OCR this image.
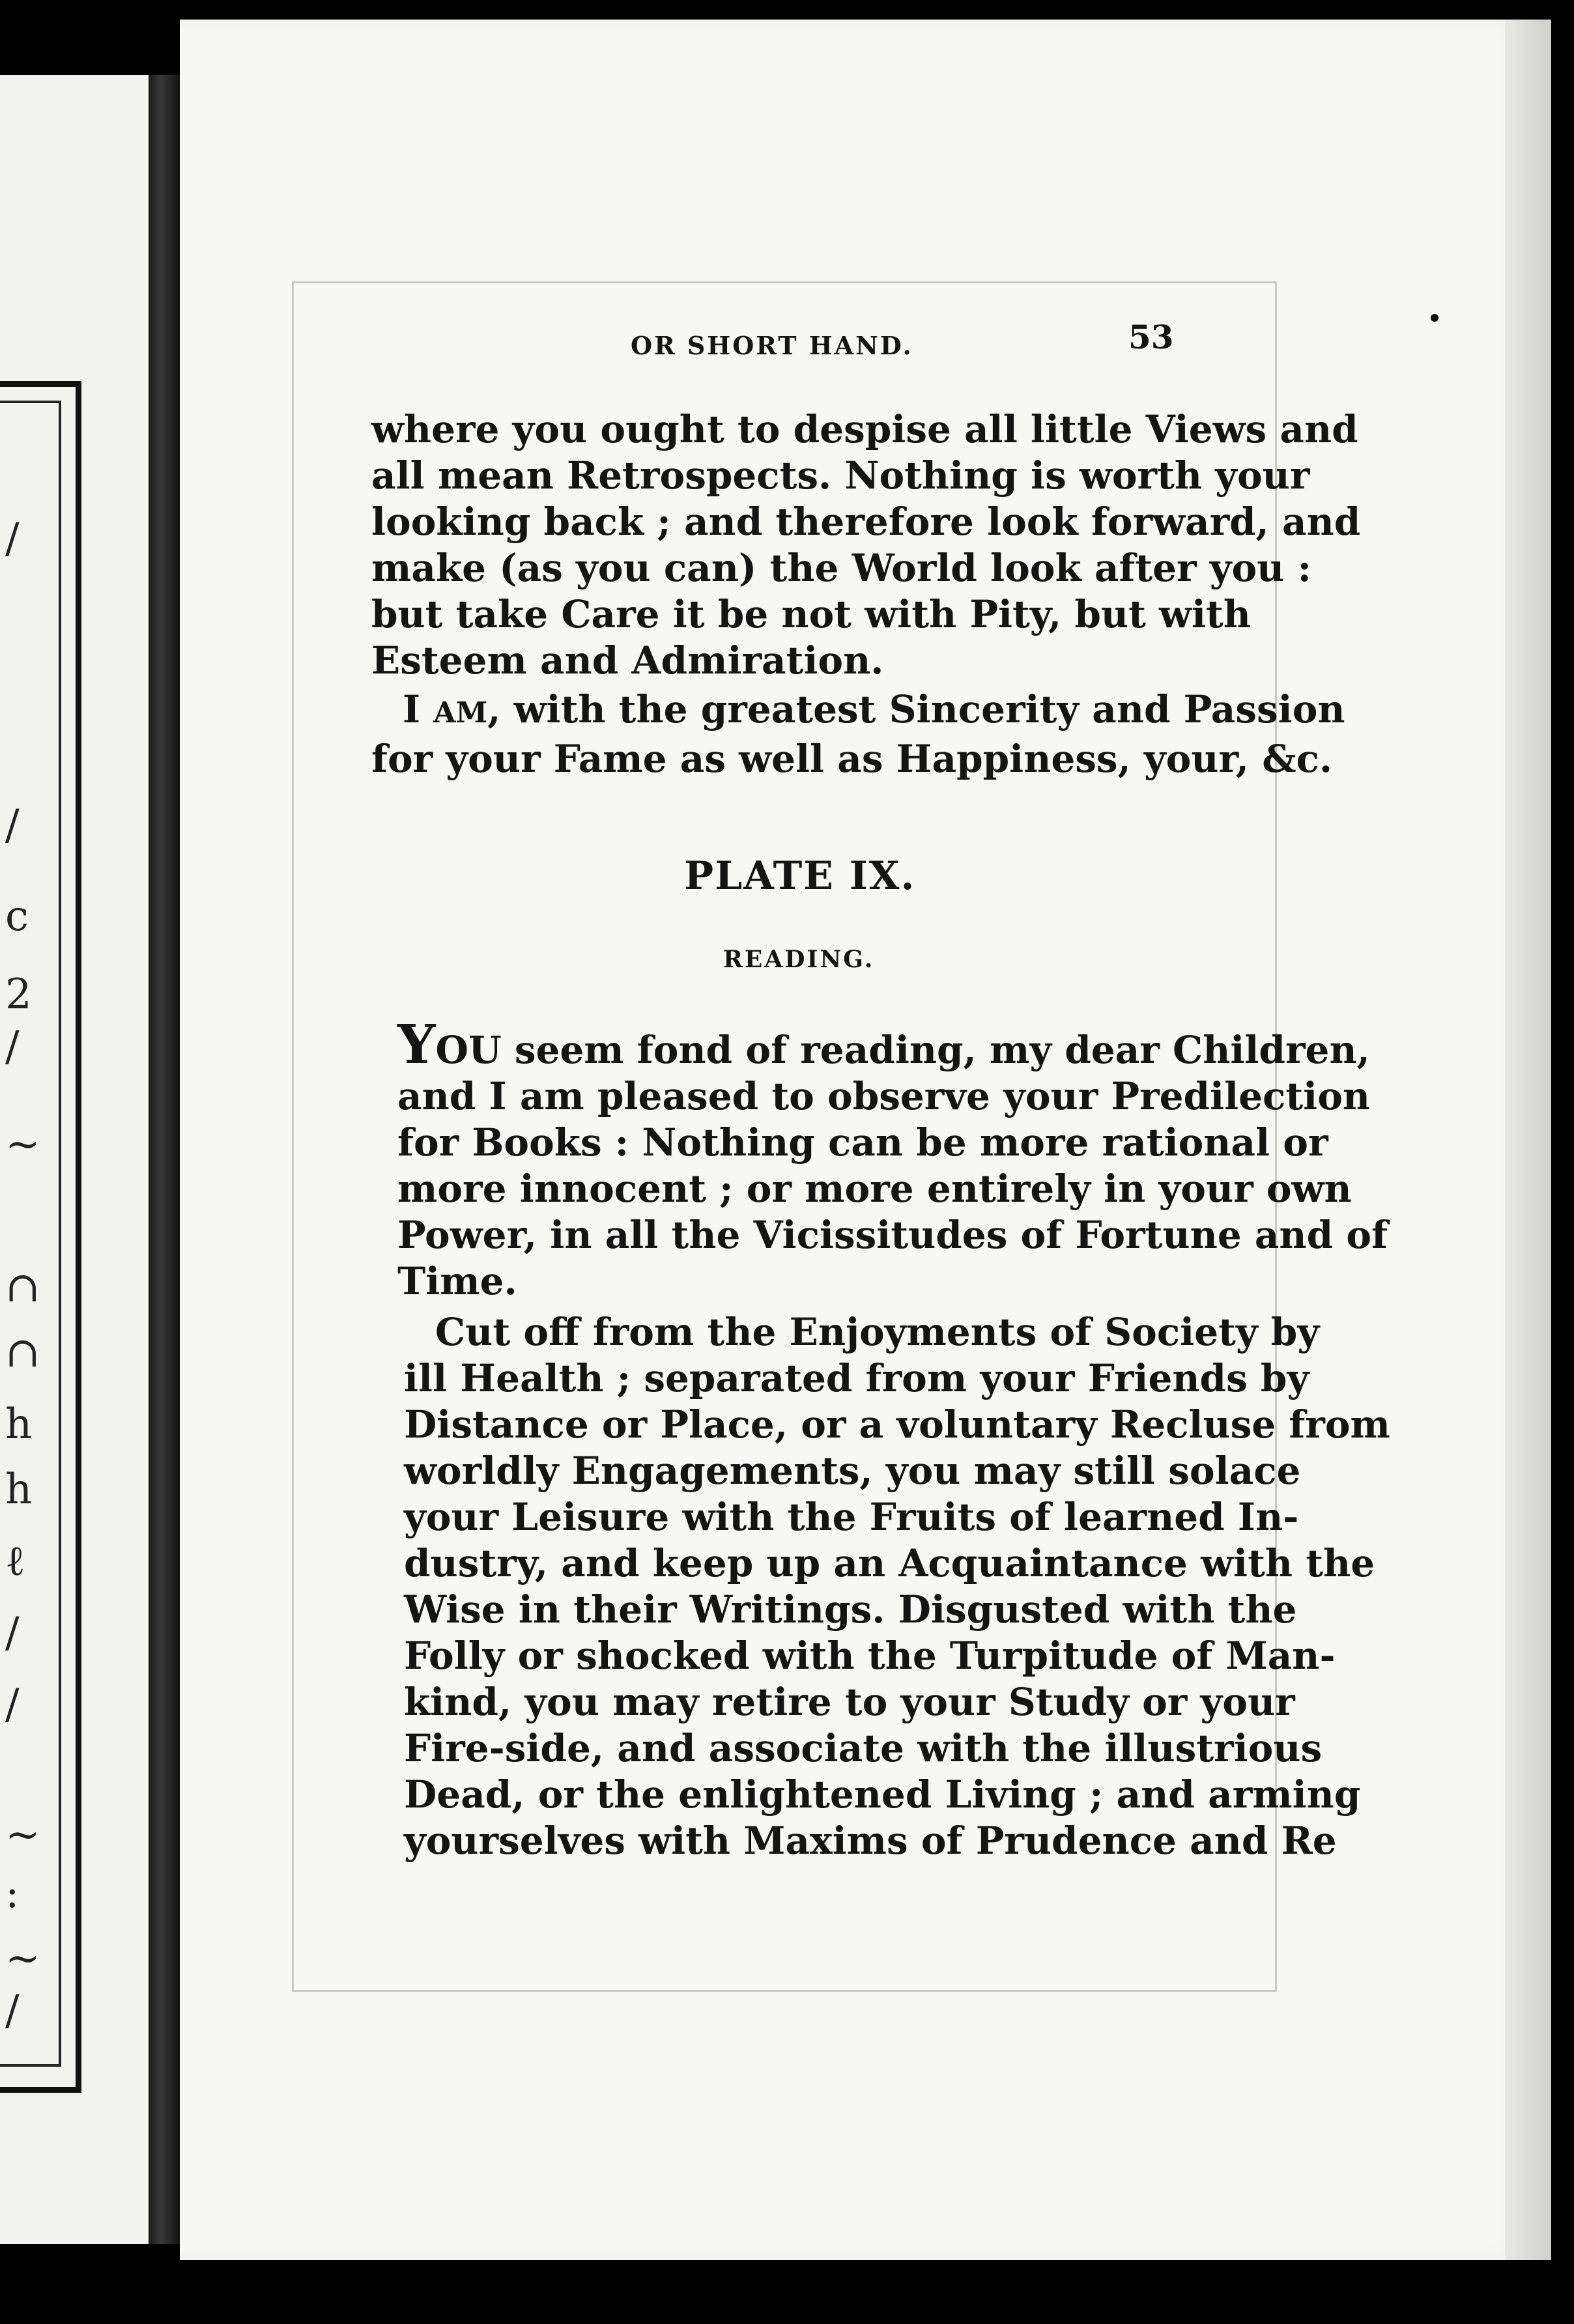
/
/
c
2
/
~
∩
∩
h
h
ℓ
/
/
~
:
~
/
OR SHORT HAND.	53
where you ought to despise all little Views and
all mean Retrospects. Nothing is worth your
looking back ; and therefore look forward, and
make (as you can) the World look after you :
but take Care it be not with Pity, but with
Esteem and Admiration.
I AM, with the greatest Sincerity and Passion
for your Fame as well as Happiness, your, &c.
PLATE IX.
READING.
YOU seem fond of reading, my dear Children,
and I am pleased to observe your Predilection
for Books : Nothing can be more rational or
more innocent ; or more entirely in your own
Power, in all the Vicissitudes of Fortune and of
Time.
Cut off from the Enjoyments of Society by
ill Health ; separated from your Friends by
Distance or Place, or a voluntary Recluse from
worldly Engagements, you may still solace
your Leisure with the Fruits of learned In-
dustry, and keep up an Acquaintance with the
Wise in their Writings. Disgusted with the
Folly or shocked with the Turpitude of Man-
kind, you may retire to your Study or your
Fire-side, and associate with the illustrious
Dead, or the enlightened Living ; and arming
yourselves with Maxims of Prudence and Re
